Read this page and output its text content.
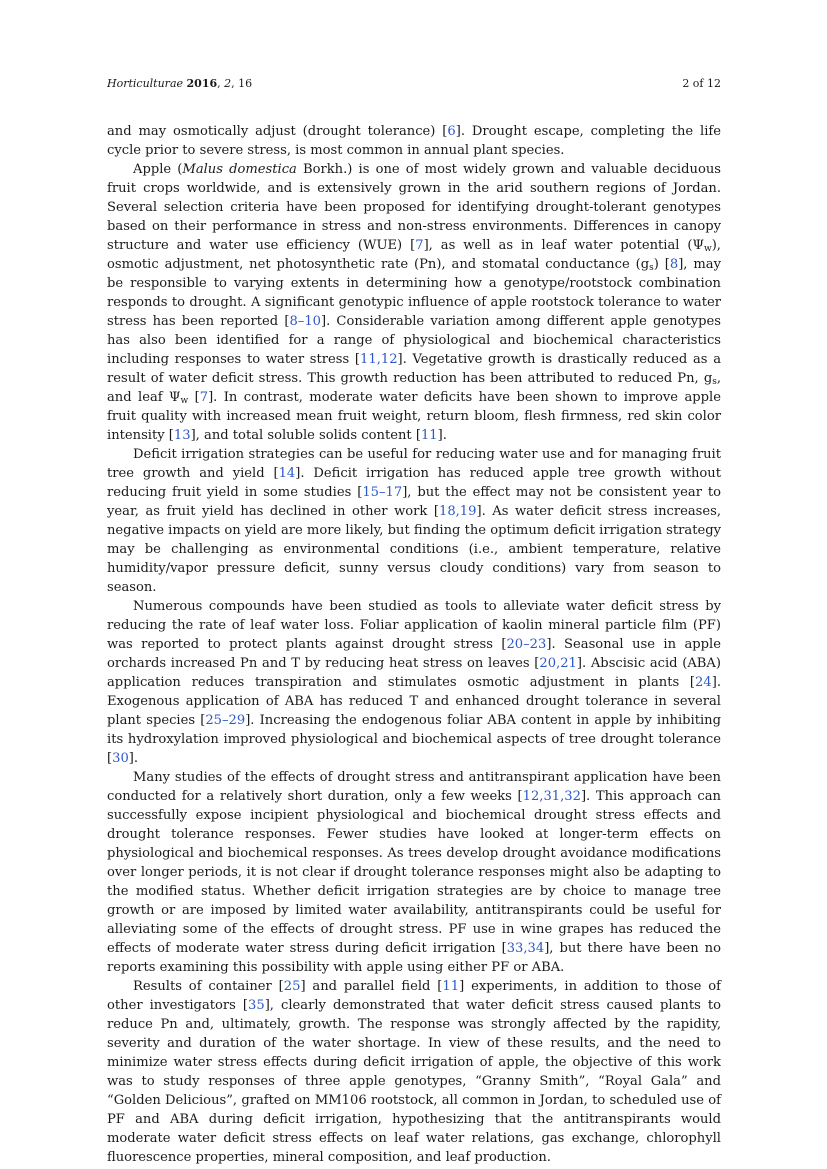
Horticulturae 2016, 2, 16	2 of 12

and may osmotically adjust (drought tolerance) [6]. Drought escape, completing the life cycle prior to severe stress, is most common in annual plant species.

Apple (Malus domestica Borkh.) is one of most widely grown and valuable deciduous fruit crops worldwide, and is extensively grown in the arid southern regions of Jordan. Several selection criteria have been proposed for identifying drought-tolerant genotypes based on their performance in stress and non-stress environments. Differences in canopy structure and water use efficiency (WUE) [7], as well as in leaf water potential $(\Psi_w)$, osmotic adjustment, net photosynthetic rate (Pn), and stomatal conductance $(g_s)$ [8], may be responsible to varying extents in determining how a genotype/rootstock combination responds to drought. A significant genotypic influence of apple rootstock tolerance to water stress has been reported [8–10]. Considerable variation among different apple genotypes has also been identified for a range of physiological and biochemical characteristics including responses to water stress [11,12]. Vegetative growth is drastically reduced as a result of water deficit stress. This growth reduction has been attributed to reduced Pn, $g_s$, and leaf $\Psi_w$ [7]. In contrast, moderate water deficits have been shown to improve apple fruit quality with increased mean fruit weight, return bloom, flesh firmness, red skin color intensity [13], and total soluble solids content [11].

Deficit irrigation strategies can be useful for reducing water use and for managing fruit tree growth and yield [14]. Deficit irrigation has reduced apple tree growth without reducing fruit yield in some studies [15–17], but the effect may not be consistent year to year, as fruit yield has declined in other work [18,19]. As water deficit stress increases, negative impacts on yield are more likely, but finding the optimum deficit irrigation strategy may be challenging as environmental conditions (i.e., ambient temperature, relative humidity/vapor pressure deficit, sunny versus cloudy conditions) vary from season to season.

Numerous compounds have been studied as tools to alleviate water deficit stress by reducing the rate of leaf water loss. Foliar application of kaolin mineral particle film (PF) was reported to protect plants against drought stress [20–23]. Seasonal use in apple orchards increased Pn and T by reducing heat stress on leaves [20,21]. Abscisic acid (ABA) application reduces transpiration and stimulates osmotic adjustment in plants [24]. Exogenous application of ABA has reduced T and enhanced drought tolerance in several plant species [25–29]. Increasing the endogenous foliar ABA content in apple by inhibiting its hydroxylation improved physiological and biochemical aspects of tree drought tolerance [30].

Many studies of the effects of drought stress and antitranspirant application have been conducted for a relatively short duration, only a few weeks [12,31,32]. This approach can successfully expose incipient physiological and biochemical drought stress effects and drought tolerance responses. Fewer studies have looked at longer-term effects on physiological and biochemical responses. As trees develop drought avoidance modifications over longer periods, it is not clear if drought tolerance responses might also be adapting to the modified status. Whether deficit irrigation strategies are by choice to manage tree growth or are imposed by limited water availability, antitranspirants could be useful for alleviating some of the effects of drought stress. PF use in wine grapes has reduced the effects of moderate water stress during deficit irrigation [33,34], but there have been no reports examining this possibility with apple using either PF or ABA.

Results of container [25] and parallel field [11] experiments, in addition to those of other investigators [35], clearly demonstrated that water deficit stress caused plants to reduce Pn and, ultimately, growth. The response was strongly affected by the rapidity, severity and duration of the water shortage. In view of these results, and the need to minimize water stress effects during deficit irrigation of apple, the objective of this work was to study responses of three apple genotypes, “Granny Smith”, “Royal Gala” and “Golden Delicious”, grafted on MM106 rootstock, all common in Jordan, to scheduled use of PF and ABA during deficit irrigation, hypothesizing that the antitranspirants would moderate water deficit stress effects on leaf water relations, gas exchange, chlorophyll fluorescence properties, mineral composition, and leaf production.
